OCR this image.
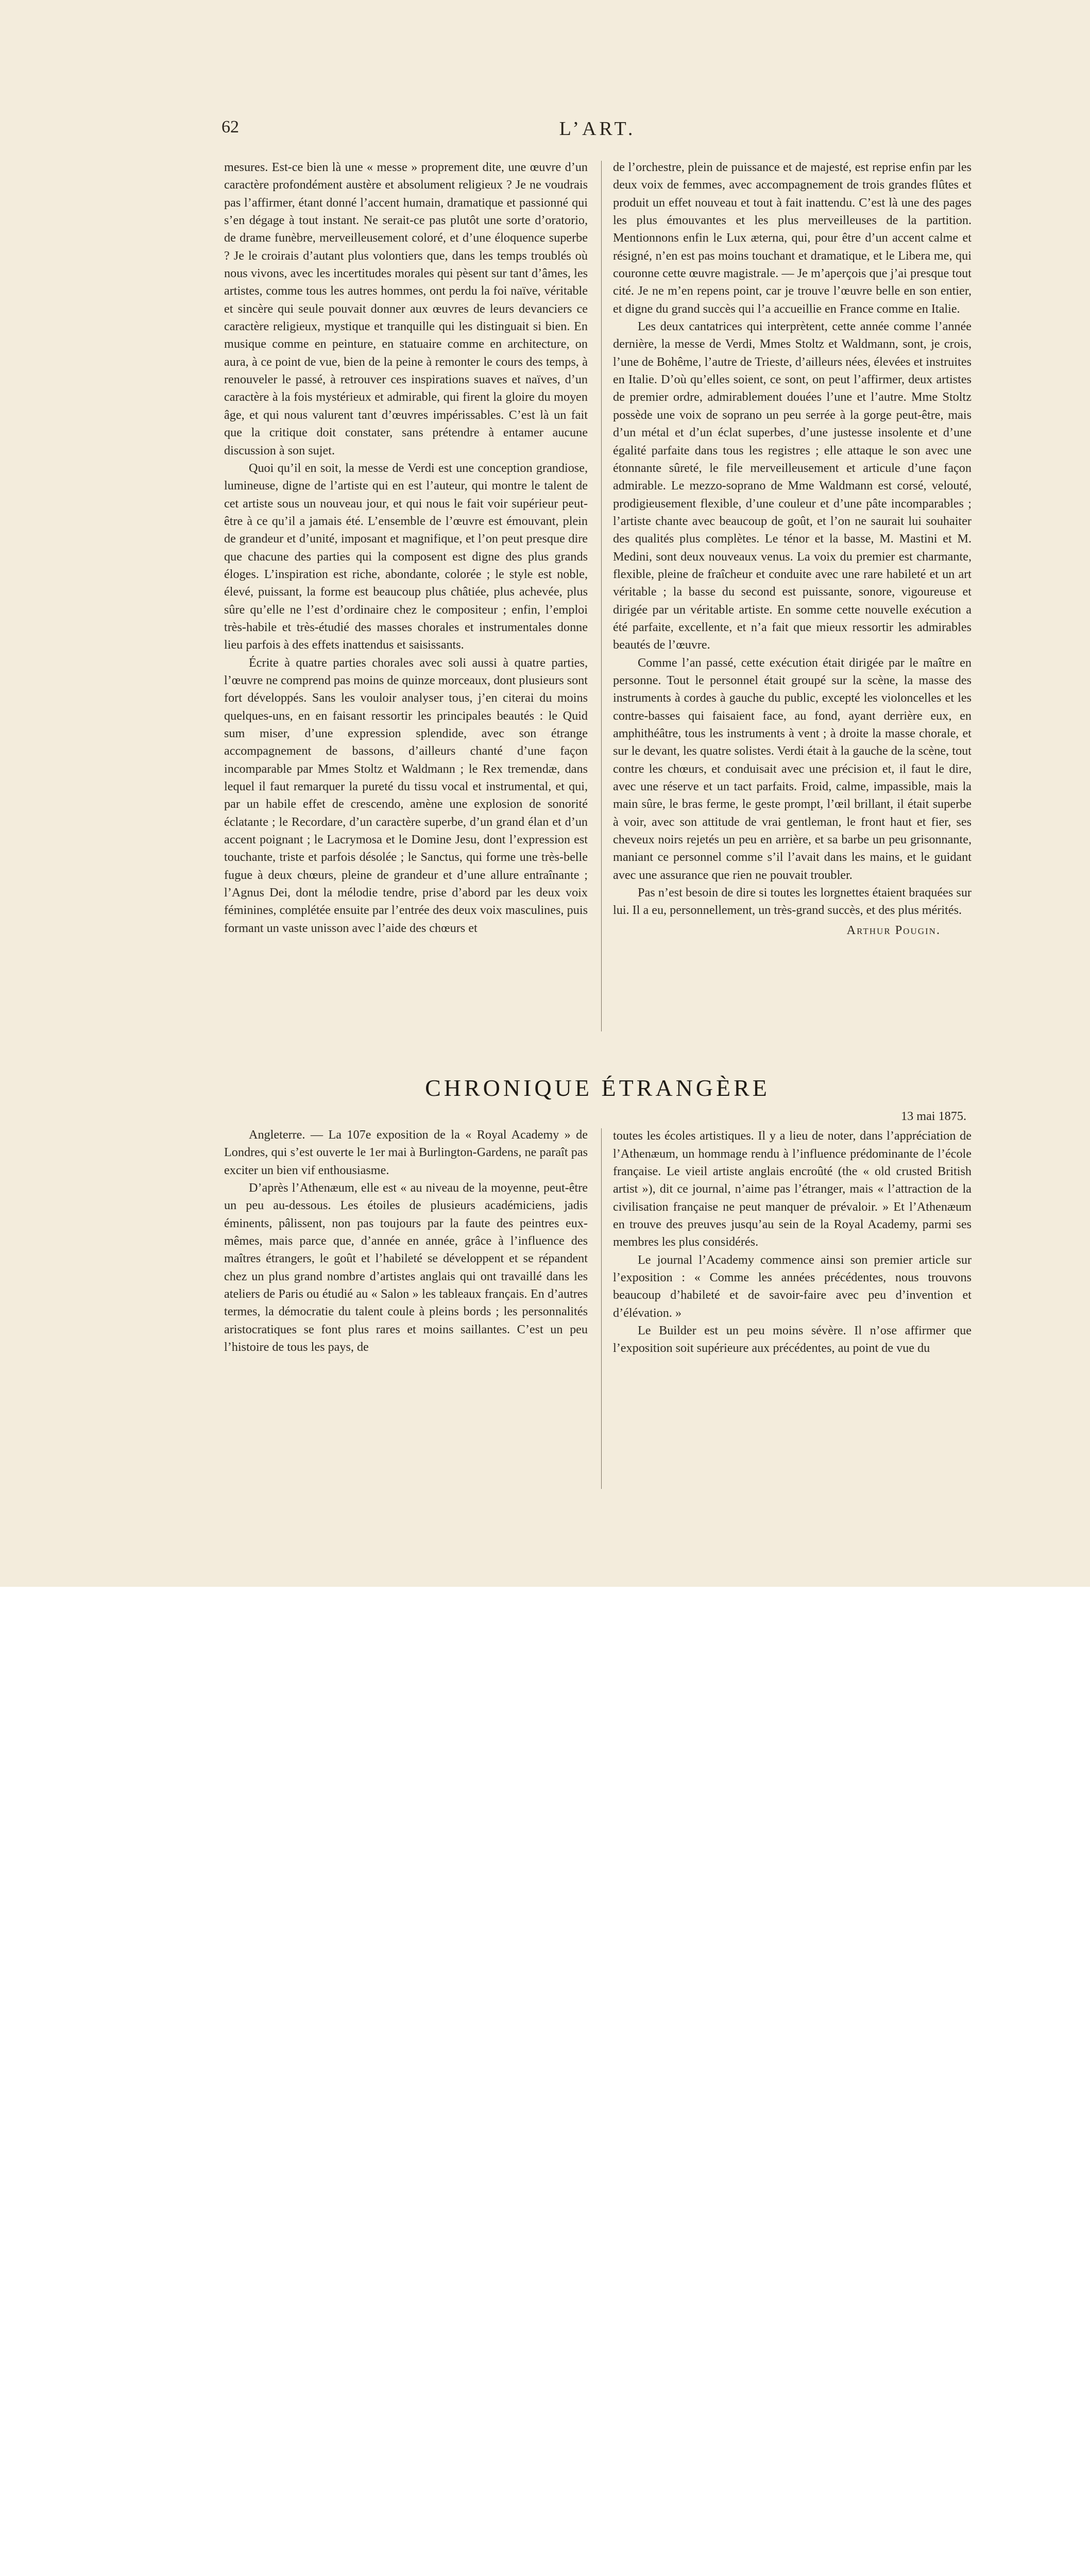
62	L’ART.

mesures. Est-ce bien là une « messe » proprement dite, une œuvre d’un caractère profondément austère et absolument religieux ? Je ne voudrais pas l’affirmer, étant donné l’accent humain, dramatique et passionné qui s’en dégage à tout instant. Ne serait-ce pas plutôt une sorte d’oratorio, de drame funèbre, merveilleusement coloré, et d’une éloquence superbe ? Je le croirais d’autant plus volontiers que, dans les temps troublés où nous vivons, avec les incertitudes morales qui pèsent sur tant d’âmes, les artistes, comme tous les autres hommes, ont perdu la foi naïve, véritable et sincère qui seule pouvait donner aux œuvres de leurs devanciers ce caractère religieux, mystique et tranquille qui les distinguait si bien. En musique comme en peinture, en statuaire comme en architecture, on aura, à ce point de vue, bien de la peine à remonter le cours des temps, à renouveler le passé, à retrouver ces inspirations suaves et naïves, d’un caractère à la fois mystérieux et admirable, qui firent la gloire du moyen âge, et qui nous valurent tant d’œuvres impérissables. C’est là un fait que la critique doit constater, sans prétendre à entamer aucune discussion à son sujet.

Quoi qu’il en soit, la messe de Verdi est une conception grandiose, lumineuse, digne de l’artiste qui en est l’auteur, qui montre le talent de cet artiste sous un nouveau jour, et qui nous le fait voir supérieur peut-être à ce qu’il a jamais été. L’ensemble de l’œuvre est émouvant, plein de grandeur et d’unité, imposant et magnifique, et l’on peut presque dire que chacune des parties qui la composent est digne des plus grands éloges. L’inspiration est riche, abondante, colorée ; le style est noble, élevé, puissant, la forme est beaucoup plus châtiée, plus achevée, plus sûre qu’elle ne l’est d’ordinaire chez le compositeur ; enfin, l’emploi très-habile et très-étudié des masses chorales et instrumentales donne lieu parfois à des effets inattendus et saisissants.

Écrite à quatre parties chorales avec soli aussi à quatre parties, l’œuvre ne comprend pas moins de quinze morceaux, dont plusieurs sont fort développés. Sans les vouloir analyser tous, j’en citerai du moins quelques-uns, en en faisant ressortir les principales beautés : le Quid sum miser, d’une expression splendide, avec son étrange accompagnement de bassons, d’ailleurs chanté d’une façon incomparable par Mmes Stoltz et Waldmann ; le Rex tremendæ, dans lequel il faut remarquer la pureté du tissu vocal et instrumental, et qui, par un habile effet de crescendo, amène une explosion de sonorité éclatante ; le Recordare, d’un caractère superbe, d’un grand élan et d’un accent poignant ; le Lacrymosa et le Domine Jesu, dont l’expression est touchante, triste et parfois désolée ; le Sanctus, qui forme une très-belle fugue à deux chœurs, pleine de grandeur et d’une allure entraînante ; l’Agnus Dei, dont la mélodie tendre, prise d’abord par les deux voix féminines, complétée ensuite par l’entrée des deux voix masculines, puis formant un vaste unisson avec l’aide des chœurs et

de l’orchestre, plein de puissance et de majesté, est reprise enfin par les deux voix de femmes, avec accompagnement de trois grandes flûtes et produit un effet nouveau et tout à fait inattendu. C’est là une des pages les plus émouvantes et les plus merveilleuses de la partition. Mentionnons enfin le Lux æterna, qui, pour être d’un accent calme et résigné, n’en est pas moins touchant et dramatique, et le Libera me, qui couronne cette œuvre magistrale. — Je m’aperçois que j’ai presque tout cité. Je ne m’en repens point, car je trouve l’œuvre belle en son entier, et digne du grand succès qui l’a accueillie en France comme en Italie.

Les deux cantatrices qui interprètent, cette année comme l’année dernière, la messe de Verdi, Mmes Stoltz et Waldmann, sont, je crois, l’une de Bohême, l’autre de Trieste, d’ailleurs nées, élevées et instruites en Italie. D’où qu’elles soient, ce sont, on peut l’affirmer, deux artistes de premier ordre, admirablement douées l’une et l’autre. Mme Stoltz possède une voix de soprano un peu serrée à la gorge peut-être, mais d’un métal et d’un éclat superbes, d’une justesse insolente et d’une égalité parfaite dans tous les registres ; elle attaque le son avec une étonnante sûreté, le file merveilleusement et articule d’une façon admirable. Le mezzo-soprano de Mme Waldmann est corsé, velouté, prodigieusement flexible, d’une couleur et d’une pâte incomparables ; l’artiste chante avec beaucoup de goût, et l’on ne saurait lui souhaiter des qualités plus complètes. Le ténor et la basse, M. Mastini et M. Medini, sont deux nouveaux venus. La voix du premier est charmante, flexible, pleine de fraîcheur et conduite avec une rare habileté et un art véritable ; la basse du second est puissante, sonore, vigoureuse et dirigée par un véritable artiste. En somme cette nouvelle exécution a été parfaite, excellente, et n’a fait que mieux ressortir les admirables beautés de l’œuvre.

Comme l’an passé, cette exécution était dirigée par le maître en personne. Tout le personnel était groupé sur la scène, la masse des instruments à cordes à gauche du public, excepté les violoncelles et les contre-basses qui faisaient face, au fond, ayant derrière eux, en amphithéâtre, tous les instruments à vent ; à droite la masse chorale, et sur le devant, les quatre solistes. Verdi était à la gauche de la scène, tout contre les chœurs, et conduisait avec une précision et, il faut le dire, avec une réserve et un tact parfaits. Froid, calme, impassible, mais la main sûre, le bras ferme, le geste prompt, l’œil brillant, il était superbe à voir, avec son attitude de vrai gentleman, le front haut et fier, ses cheveux noirs rejetés un peu en arrière, et sa barbe un peu grisonnante, maniant ce personnel comme s’il l’avait dans les mains, et le guidant avec une assurance que rien ne pouvait troubler.

Pas n’est besoin de dire si toutes les lorgnettes étaient braquées sur lui. Il a eu, personnellement, un très-grand succès, et des plus mérités.

Arthur Pougin.

CHRONIQUE ÉTRANGÈRE

Angleterre. — La 107e exposition de la « Royal Academy » de Londres, qui s’est ouverte le 1er mai à Burlington-Gardens, ne paraît pas exciter un bien vif enthousiasme.

D’après l’Athenæum, elle est « au niveau de la moyenne, peut-être un peu au-dessous. Les étoiles de plusieurs académiciens, jadis éminents, pâlissent, non pas toujours par la faute des peintres eux-mêmes, mais parce que, d’année en année, grâce à l’influence des maîtres étrangers, le goût et l’habileté se développent et se répandent chez un plus grand nombre d’artistes anglais qui ont travaillé dans les ateliers de Paris ou étudié au « Salon » les tableaux français. En d’autres termes, la démocratie du talent coule à pleins bords ; les personnalités aristocratiques se font plus rares et moins saillantes. C’est un peu l’histoire de tous les pays, de

13 mai 1875.

toutes les écoles artistiques. Il y a lieu de noter, dans l’appréciation de l’Athenæum, un hommage rendu à l’influence prédominante de l’école française. Le vieil artiste anglais encroûté (the « old crusted British artist »), dit ce journal, n’aime pas l’étranger, mais « l’attraction de la civilisation française ne peut manquer de prévaloir. » Et l’Athenæum en trouve des preuves jusqu’au sein de la Royal Academy, parmi ses membres les plus considérés.

Le journal l’Academy commence ainsi son premier article sur l’exposition : « Comme les années précédentes, nous trouvons beaucoup d’habileté et de savoir-faire avec peu d’invention et d’élévation. »

Le Builder est un peu moins sévère. Il n’ose affirmer que l’exposition soit supérieure aux précédentes, au point de vue du
